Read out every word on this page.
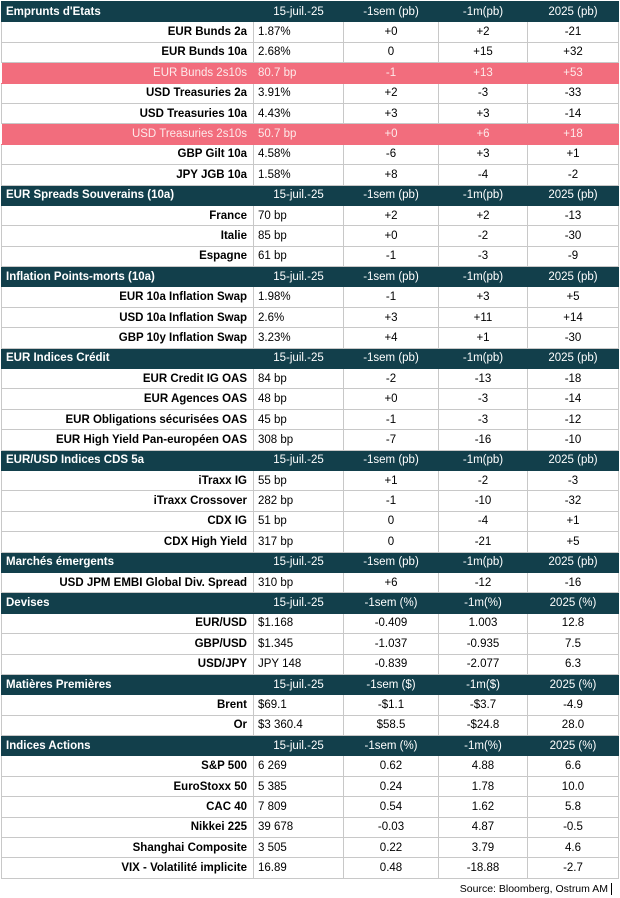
Emprunts d'Etats	15-juil.-25	-1sem (pb)	-1m(pb)	2025 (pb)
EUR Bunds 2a	1.87%	+0	+2	-21
EUR Bunds 10a	2.68%	0	+15	+32
EUR Bunds 2s10s	80.7 bp	-1	+13	+53
USD Treasuries 2a	3.91%	+2	-3	-33
USD Treasuries 10a	4.43%	+3	+3	-14
USD Treasuries 2s10s	50.7 bp	+0	+6	+18
GBP Gilt 10a	4.58%	-6	+3	+1
JPY JGB 10a	1.58%	+8	-4	-2
EUR Spreads Souverains (10a)	15-juil.-25	-1sem (pb)	-1m(pb)	2025 (pb)
France	70 bp	+2	+2	-13
Italie	85 bp	+0	-2	-30
Espagne	61 bp	-1	-3	-9
Inflation Points-morts (10a)	15-juil.-25	-1sem (pb)	-1m(pb)	2025 (pb)
EUR 10a Inflation Swap	1.98%	-1	+3	+5
USD 10a Inflation Swap	2.6%	+3	+11	+14
GBP 10y Inflation Swap	3.23%	+4	+1	-30
EUR Indices Crédit	15-juil.-25	-1sem (pb)	-1m(pb)	2025 (pb)
EUR Credit IG OAS	84 bp	-2	-13	-18
EUR Agences OAS	48 bp	+0	-3	-14
EUR Obligations sécurisées OAS	45 bp	-1	-3	-12
EUR High Yield Pan-européen OAS	308 bp	-7	-16	-10
EUR/USD Indices CDS 5a	15-juil.-25	-1sem (pb)	-1m(pb)	2025 (pb)
iTraxx IG	55 bp	+1	-2	-3
iTraxx Crossover	282 bp	-1	-10	-32
CDX IG	51 bp	0	-4	+1
CDX High Yield	317 bp	0	-21	+5
Marchés émergents	15-juil.-25	-1sem (pb)	-1m(pb)	2025 (pb)
USD JPM EMBI Global Div. Spread	310 bp	+6	-12	-16
Devises	15-juil.-25	-1sem (%)	-1m(%)	2025 (%)
EUR/USD	$1.168	-0.409	1.003	12.8
GBP/USD	$1.345	-1.037	-0.935	7.5
USD/JPY	JPY 148	-0.839	-2.077	6.3
Matières Premières	15-juil.-25	-1sem ($)	-1m($)	2025 (%)
Brent	$69.1	-$1.1	-$3.7	-4.9
Or	$3 360.4	$58.5	-$24.8	28.0
Indices Actions	15-juil.-25	-1sem (%)	-1m(%)	2025 (%)
S&P 500	6 269	0.62	4.88	6.6
EuroStoxx 50	5 385	0.24	1.78	10.0
CAC 40	7 809	0.54	1.62	5.8
Nikkei 225	39 678	-0.03	4.87	-0.5
Shanghai Composite	3 505	0.22	3.79	4.6
VIX - Volatilité implicite	16.89	0.48	-18.88	-2.7
Source: Bloomberg, Ostrum AM
